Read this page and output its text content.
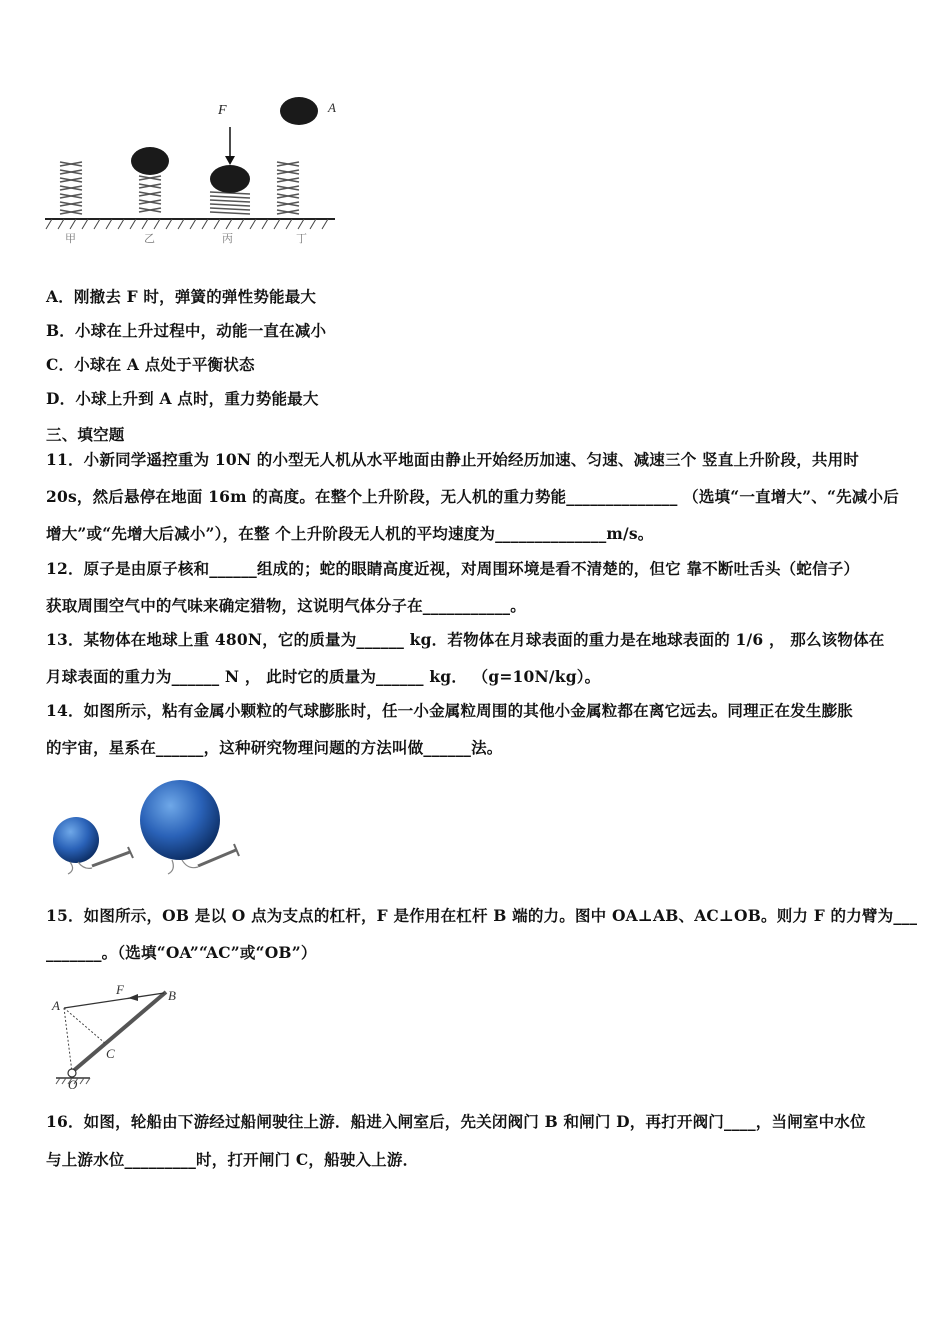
F	A
甲	乙	丙	丁
A．刚撤去 F 时，弹簧的弹性势能最大
B．小球在上升过程中，动能一直在减小
C．小球在 A 点处于平衡状态
D．小球上升到 A 点时，重力势能最大
三、填空题
11．小新同学遥控重为 10N 的小型无人机从水平地面由静止开始经历加速、匀速、减速三个 竖直上升阶段，共用时
20s，然后悬停在地面 16m 的高度。在整个上升阶段，无人机的重力势能______________ （选填“一直增大”、“先减小后
增大”或“先增大后减小”），在整 个上升阶段无人机的平均速度为______________m/s。
12．原子是由原子核和______组成的；蛇的眼睛高度近视，对周围环境是看不清楚的，但它 靠不断吐舌头（蛇信子）
获取周围空气中的气味来确定猎物，这说明气体分子在___________。
13．某物体在地球上重 480N，它的质量为______ kg．若物体在月球表面的重力是在地球表面的 1/6 ， 那么该物体在
月球表面的重力为______ N ， 此时它的质量为______ kg． （g=10N/kg）。
14．如图所示，粘有金属小颗粒的气球膨胀时，任一小金属粒周围的其他小金属粒都在离它远去。同理正在发生膨胀
的宇宙，星系在______，这种研究物理问题的方法叫做______法。
15．如图所示，OB 是以 O 点为支点的杠杆，F 是作用在杠杆 B 端的力。图中 OA⊥AB、AC⊥OB。则力 F 的力臂为___
_______。（选填“OA”“AC”或“OB”）
A
F	B
C
O
16．如图，轮船由下游经过船闸驶往上游．船进入闸室后，先关闭阀门 B 和闸门 D，再打开阀门____，当闸室中水位
与上游水位_________时，打开闸门 C，船驶入上游．
